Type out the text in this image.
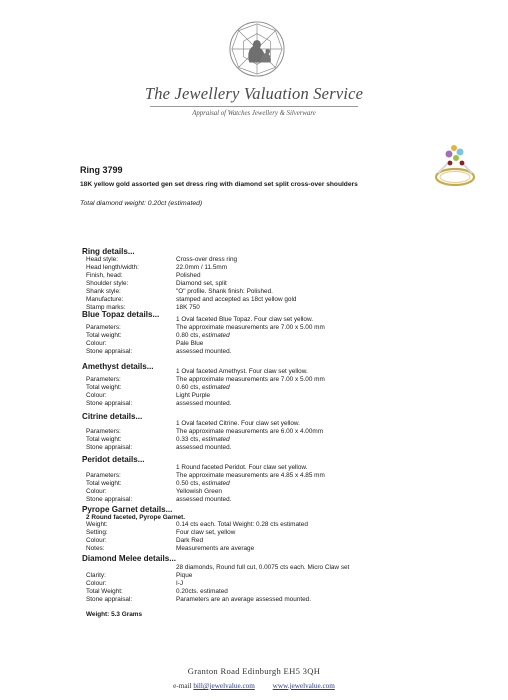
The Jewellery Valuation Service
Appraisal of Watches Jewellery & Silverware
Ring 3799
18K yellow gold assorted gen set dress ring with diamond set split cross-over shoulders
Total diamond weight: 0.20ct (estimated)
Ring details...
Head style:	Cross-over dress ring
Head length/width:	22.0mm / 11.5mm
Finish, head:	Polished
Shoulder style:	Diamond set, split
Shank style:	"O" profile. Shank finish: Polished.
Manufacture:	stamped and accepted as 18ct yellow gold
Stamp marks:	18K 750
Blue Topaz details...
1 Oval faceted Blue Topaz. Four claw set yellow.
Parameters:	The approximate measurements are 7.00 x 5.00 mm
Total weight:	0.80 cts, estimated
Colour:	Pale Blue
Stone appraisal:	assessed mounted.
Amethyst details...
1 Oval faceted Amethyst. Four claw set yellow.
Parameters:	The approximate measurements are 7.00 x 5.00 mm
Total weight:	0.60 cts, estimated
Colour:	Light Purple
Stone appraisal:	assessed mounted.
Citrine details...
1 Oval faceted Citrine. Four claw set yellow.
Parameters:	The approximate measurements are 6.00 x 4.00mm
Total weight:	0.33 cts, estimated
Stone appraisal:	assessed mounted.
Peridot details...
1 Round faceted Peridot. Four claw set yellow.
Parameters:	The approximate measurements are 4.85 x 4.85 mm
Total weight:	0.50 cts, estimated
Colour:	Yellowish Green
Stone appraisal:	assessed mounted.
Pyrope Garnet details...
2 Round faceted, Pyrope Garnet.
Weight:	0.14 cts each. Total Weight: 0.28 cts estimated
Setting:	Four claw set, yellow
Colour:	Dark Red
Notes:	Measurements are average
Diamond Melee details...
28 diamonds, Round full cut, 0.0075 cts each. Micro Claw set
Clarity:	Pique
Colour:	I-J
Total Weight:	0.20cts. estimated
Stone appraisal:	Parameters are an average assessed mounted.
Weight: 5.3 Grams
Granton Road Edinburgh EH5 3QH
e-mail bill@jewelvalue.com www.jewelvalue.com
